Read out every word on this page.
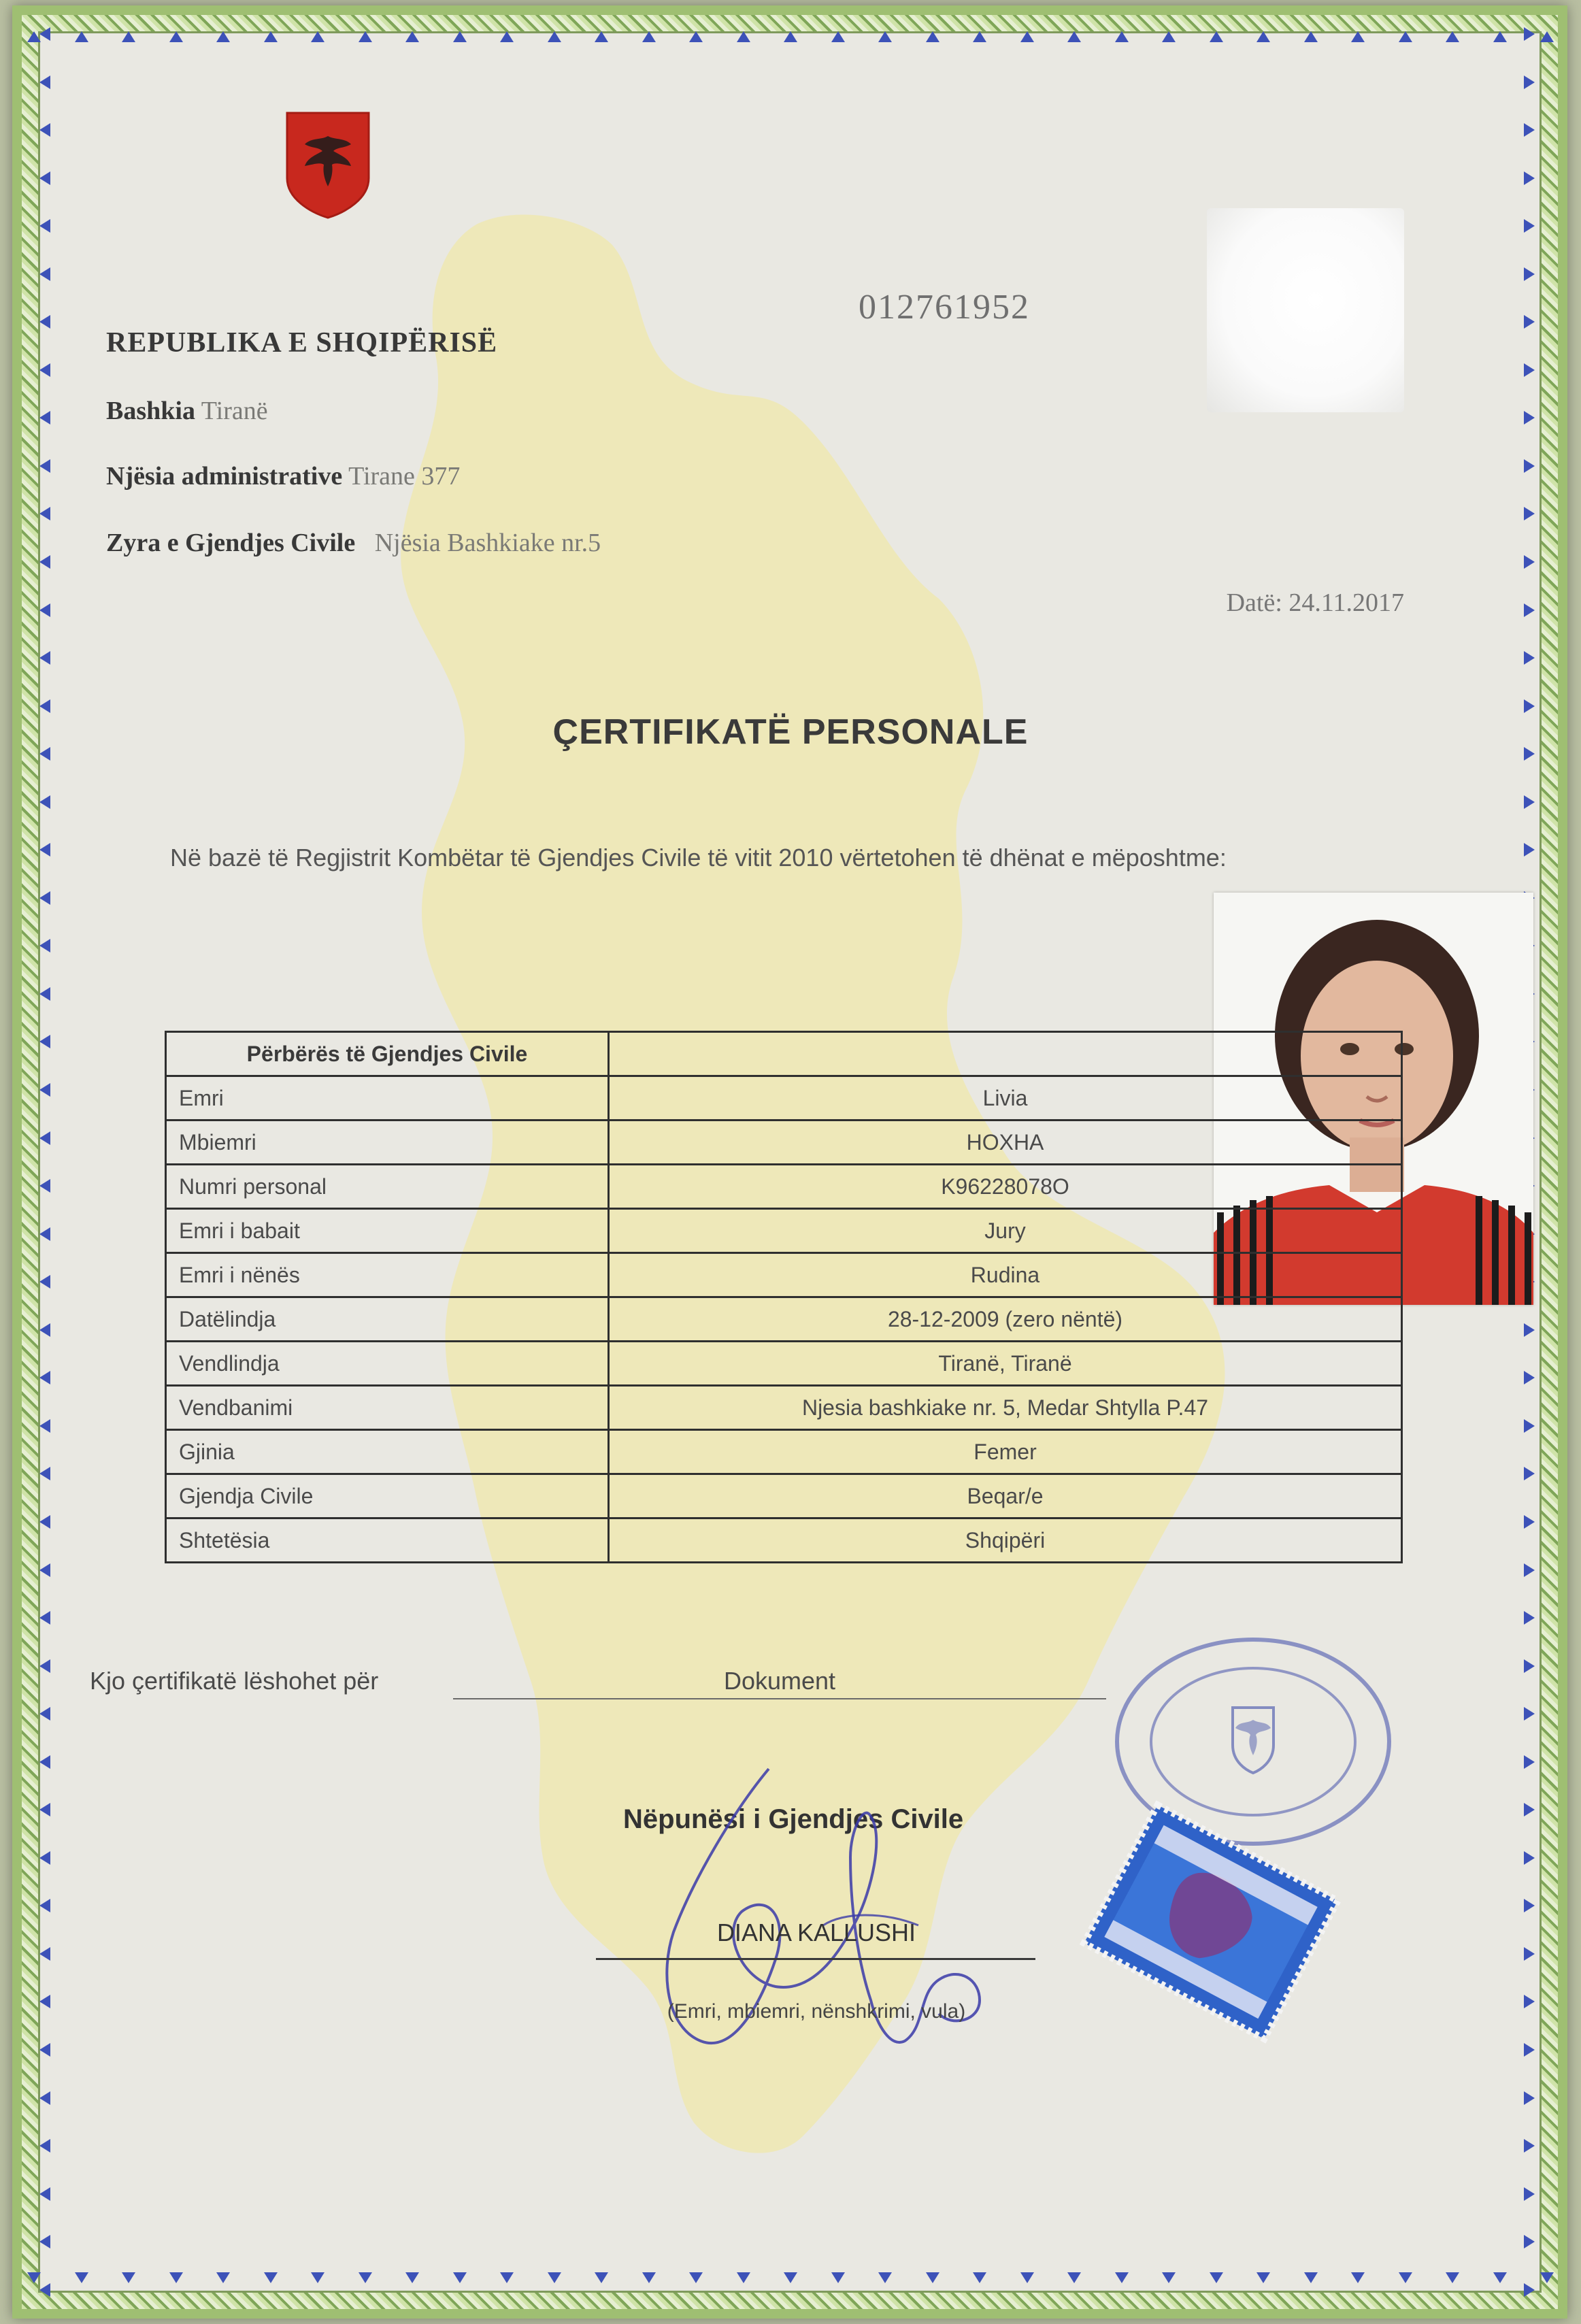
REPUBLIKA E SHQIPËRISË
Bashkia Tiranë
Njësia administrative Tirane 377
Zyra e Gjendjes Civile Njësia Bashkiake nr.5
012761952
Datë: 24.11.2017
ÇERTIFIKATË PERSONALE
Në bazë të Regjistrit Kombëtar të Gjendjes Civile të vitit 2010 vërtetohen të dhënat e mëposhtme:
Përbërës të Gjendjes Civile	
Emri	Livia
Mbiemri	HOXHA
Numri personal	K96228078O
Emri i babait	Jury
Emri i nënës	Rudina
Datëlindja	28-12-2009 (zero nëntë)
Vendlindja	Tiranë, Tiranë
Vendbanimi	Njesia bashkiake nr. 5, Medar Shtylla P.47
Gjinia	Femer
Gjendja Civile	Beqar/e
Shtetësia	Shqipëri
Kjo çertifikatë lëshohet për	Dokument
Nëpunësi i Gjendjes Civile
DIANA KALLUSHI
(Emri, mbiemri, nënshkrimi, vula)
